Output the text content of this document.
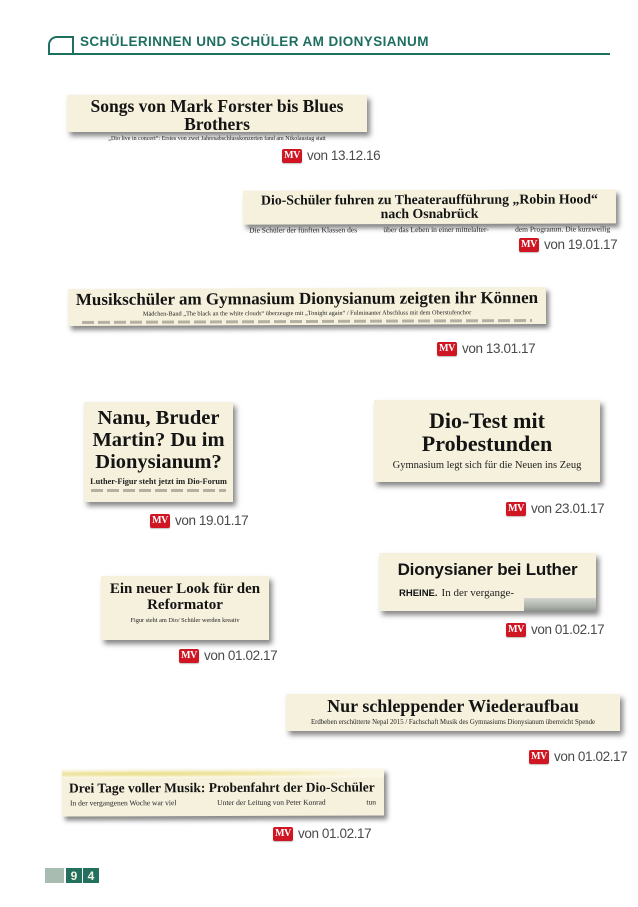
SCHÜLERINNEN UND SCHÜLER AM DIONYSIANUM
Songs von Mark Forster bis Blues Brothers
„Dio live in concert“: Erstes von zwei Jahresabschlusskonzerten fand am Nikolaustag statt
MV von 13.12.16
Dio-Schüler fuhren zu Theateraufführung „Robin Hood“ nach Osnabrück
Die Schüler der fünften Klassen des	über das Leben in einer mittelalter-	dem Programm. Die kurzweilig
MV von 19.01.17
Musikschüler am Gymnasium Dionysianum zeigten ihr Können
Mädchen-Band „The black an the white clouds“ überzeugte mit „Tonight again“ / Fulminanter Abschluss mit dem Oberstufenchor
MV von 13.01.17
Nanu, Bruder Martin? Du im Dionysianum?
Luther-Figur steht jetzt im Dio-Forum
MV von 19.01.17
Dio-Test mit Probestunden
Gymnasium legt sich für die Neuen ins Zeug
MV von 23.01.17
Ein neuer Look für den Reformator
Figur steht am Dio/ Schüler werden kreativ
MV von 01.02.17
Dionysianer bei Luther
RHEINE. In der vergange-
MV von 01.02.17
Nur schleppender Wiederaufbau
Erdbeben erschütterte Nepal 2015 / Fachschaft Musik des Gymnasiums Dionysianum überreicht Spende
MV von 01.02.17
Drei Tage voller Musik: Probenfahrt der Dio-Schüler
In der vergangenen Woche war viel	Unter der Leitung von Peter Konrad	tun
MV von 01.02.17
9 4
